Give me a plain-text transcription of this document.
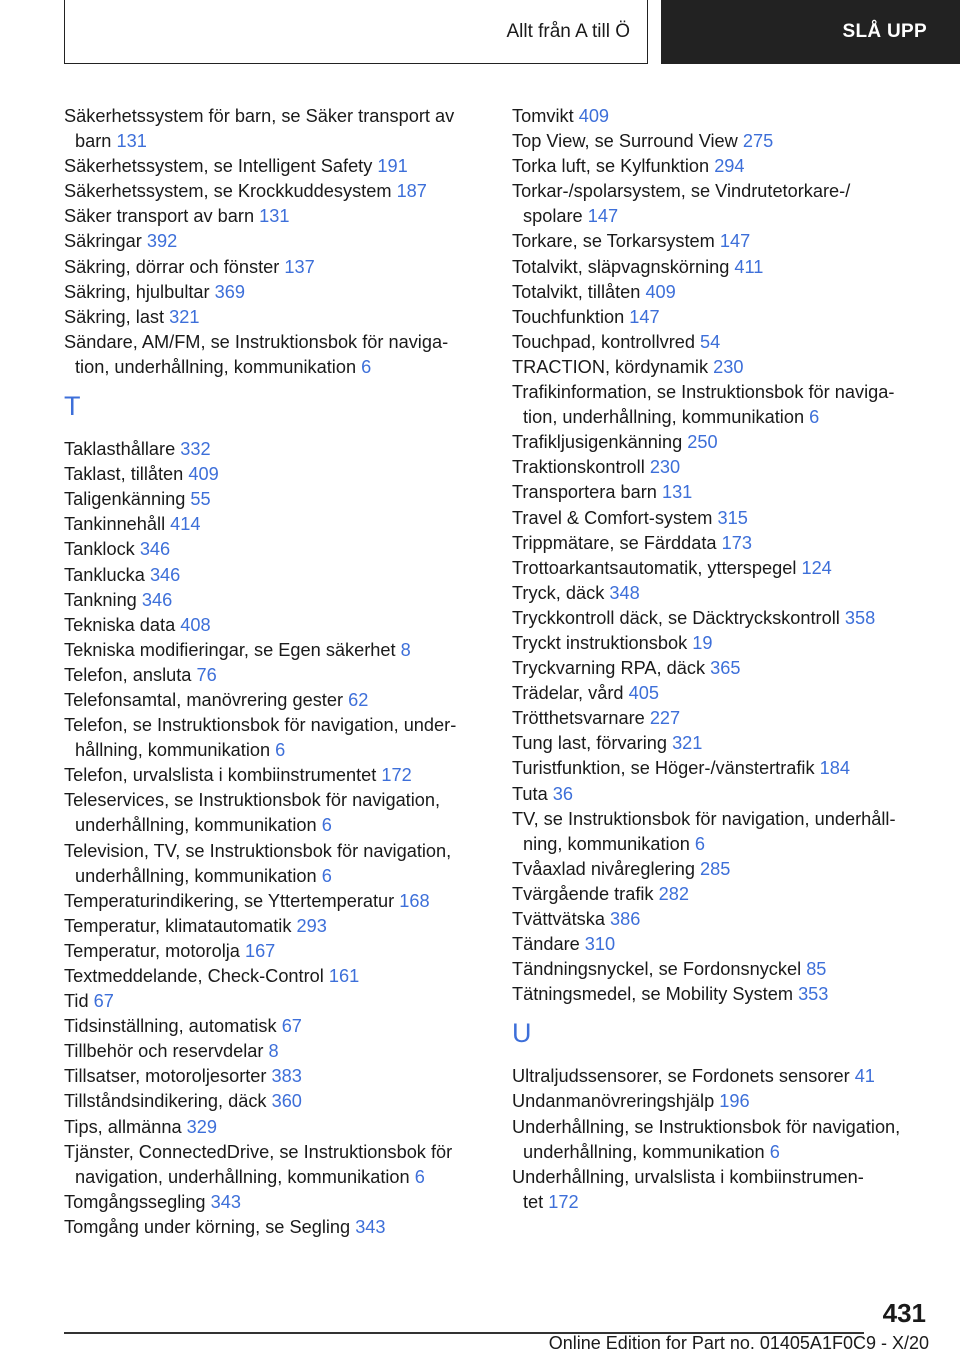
Allt från A till Ö	SLÅ UPP
Säkerhetssystem för barn, se Säker transport av
barn 131
Säkerhetssystem, se Intelligent Safety 191
Säkerhetssystem, se Krockkuddesystem 187
Säker transport av barn 131
Säkringar 392
Säkring, dörrar och fönster 137
Säkring, hjulbultar 369
Säkring, last 321
Sändare, AM/FM, se Instruktionsbok för naviga-
tion, underhållning, kommunikation 6
T
Taklasthållare 332
Taklast, tillåten 409
Taligenkänning 55
Tankinnehåll 414
Tanklock 346
Tanklucka 346
Tankning 346
Tekniska data 408
Tekniska modifieringar, se Egen säkerhet 8
Telefon, ansluta 76
Telefonsamtal, manövrering gester 62
Telefon, se Instruktionsbok för navigation, under-
hållning, kommunikation 6
Telefon, urvalslista i kombiinstrumentet 172
Teleservices, se Instruktionsbok för navigation,
underhållning, kommunikation 6
Television, TV, se Instruktionsbok för navigation,
underhållning, kommunikation 6
Temperaturindikering, se Yttertemperatur 168
Temperatur, klimatautomatik 293
Temperatur, motorolja 167
Textmeddelande, Check-Control 161
Tid 67
Tidsinställning, automatisk 67
Tillbehör och reservdelar 8
Tillsatser, motoroljesorter 383
Tillståndsindikering, däck 360
Tips, allmänna 329
Tjänster, ConnectedDrive, se Instruktionsbok för
navigation, underhållning, kommunikation 6
Tomgångssegling 343
Tomgång under körning, se Segling 343
Tomvikt 409
Top View, se Surround View 275
Torka luft, se Kylfunktion 294
Torkar-/spolarsystem, se Vindrutetorkare-/
spolare 147
Torkare, se Torkarsystem 147
Totalvikt, släpvagnskörning 411
Totalvikt, tillåten 409
Touchfunktion 147
Touchpad, kontrollvred 54
TRACTION, kördynamik 230
Trafikinformation, se Instruktionsbok för naviga-
tion, underhållning, kommunikation 6
Trafikljusigenkänning 250
Traktionskontroll 230
Transportera barn 131
Travel & Comfort-system 315
Trippmätare, se Färddata 173
Trottoarkantsautomatik, ytterspegel 124
Tryck, däck 348
Tryckkontroll däck, se Däcktryckskontroll 358
Tryckt instruktionsbok 19
Tryckvarning RPA, däck 365
Trädelar, vård 405
Trötthetsvarnare 227
Tung last, förvaring 321
Turistfunktion, se Höger-/vänstertrafik 184
Tuta 36
TV, se Instruktionsbok för navigation, underhåll-
ning, kommunikation 6
Tvåaxlad nivåreglering 285
Tvärgående trafik 282
Tvättvätska 386
Tändare 310
Tändningsnyckel, se Fordonsnyckel 85
Tätningsmedel, se Mobility System 353
U
Ultraljudssensorer, se Fordonets sensorer 41
Undanmanövreringshjälp 196
Underhållning, se Instruktionsbok för navigation,
underhållning, kommunikation 6
Underhållning, urvalslista i kombiinstrumen-
tet 172
431
Online Edition for Part no. 01405A1F0C9 - X/20
